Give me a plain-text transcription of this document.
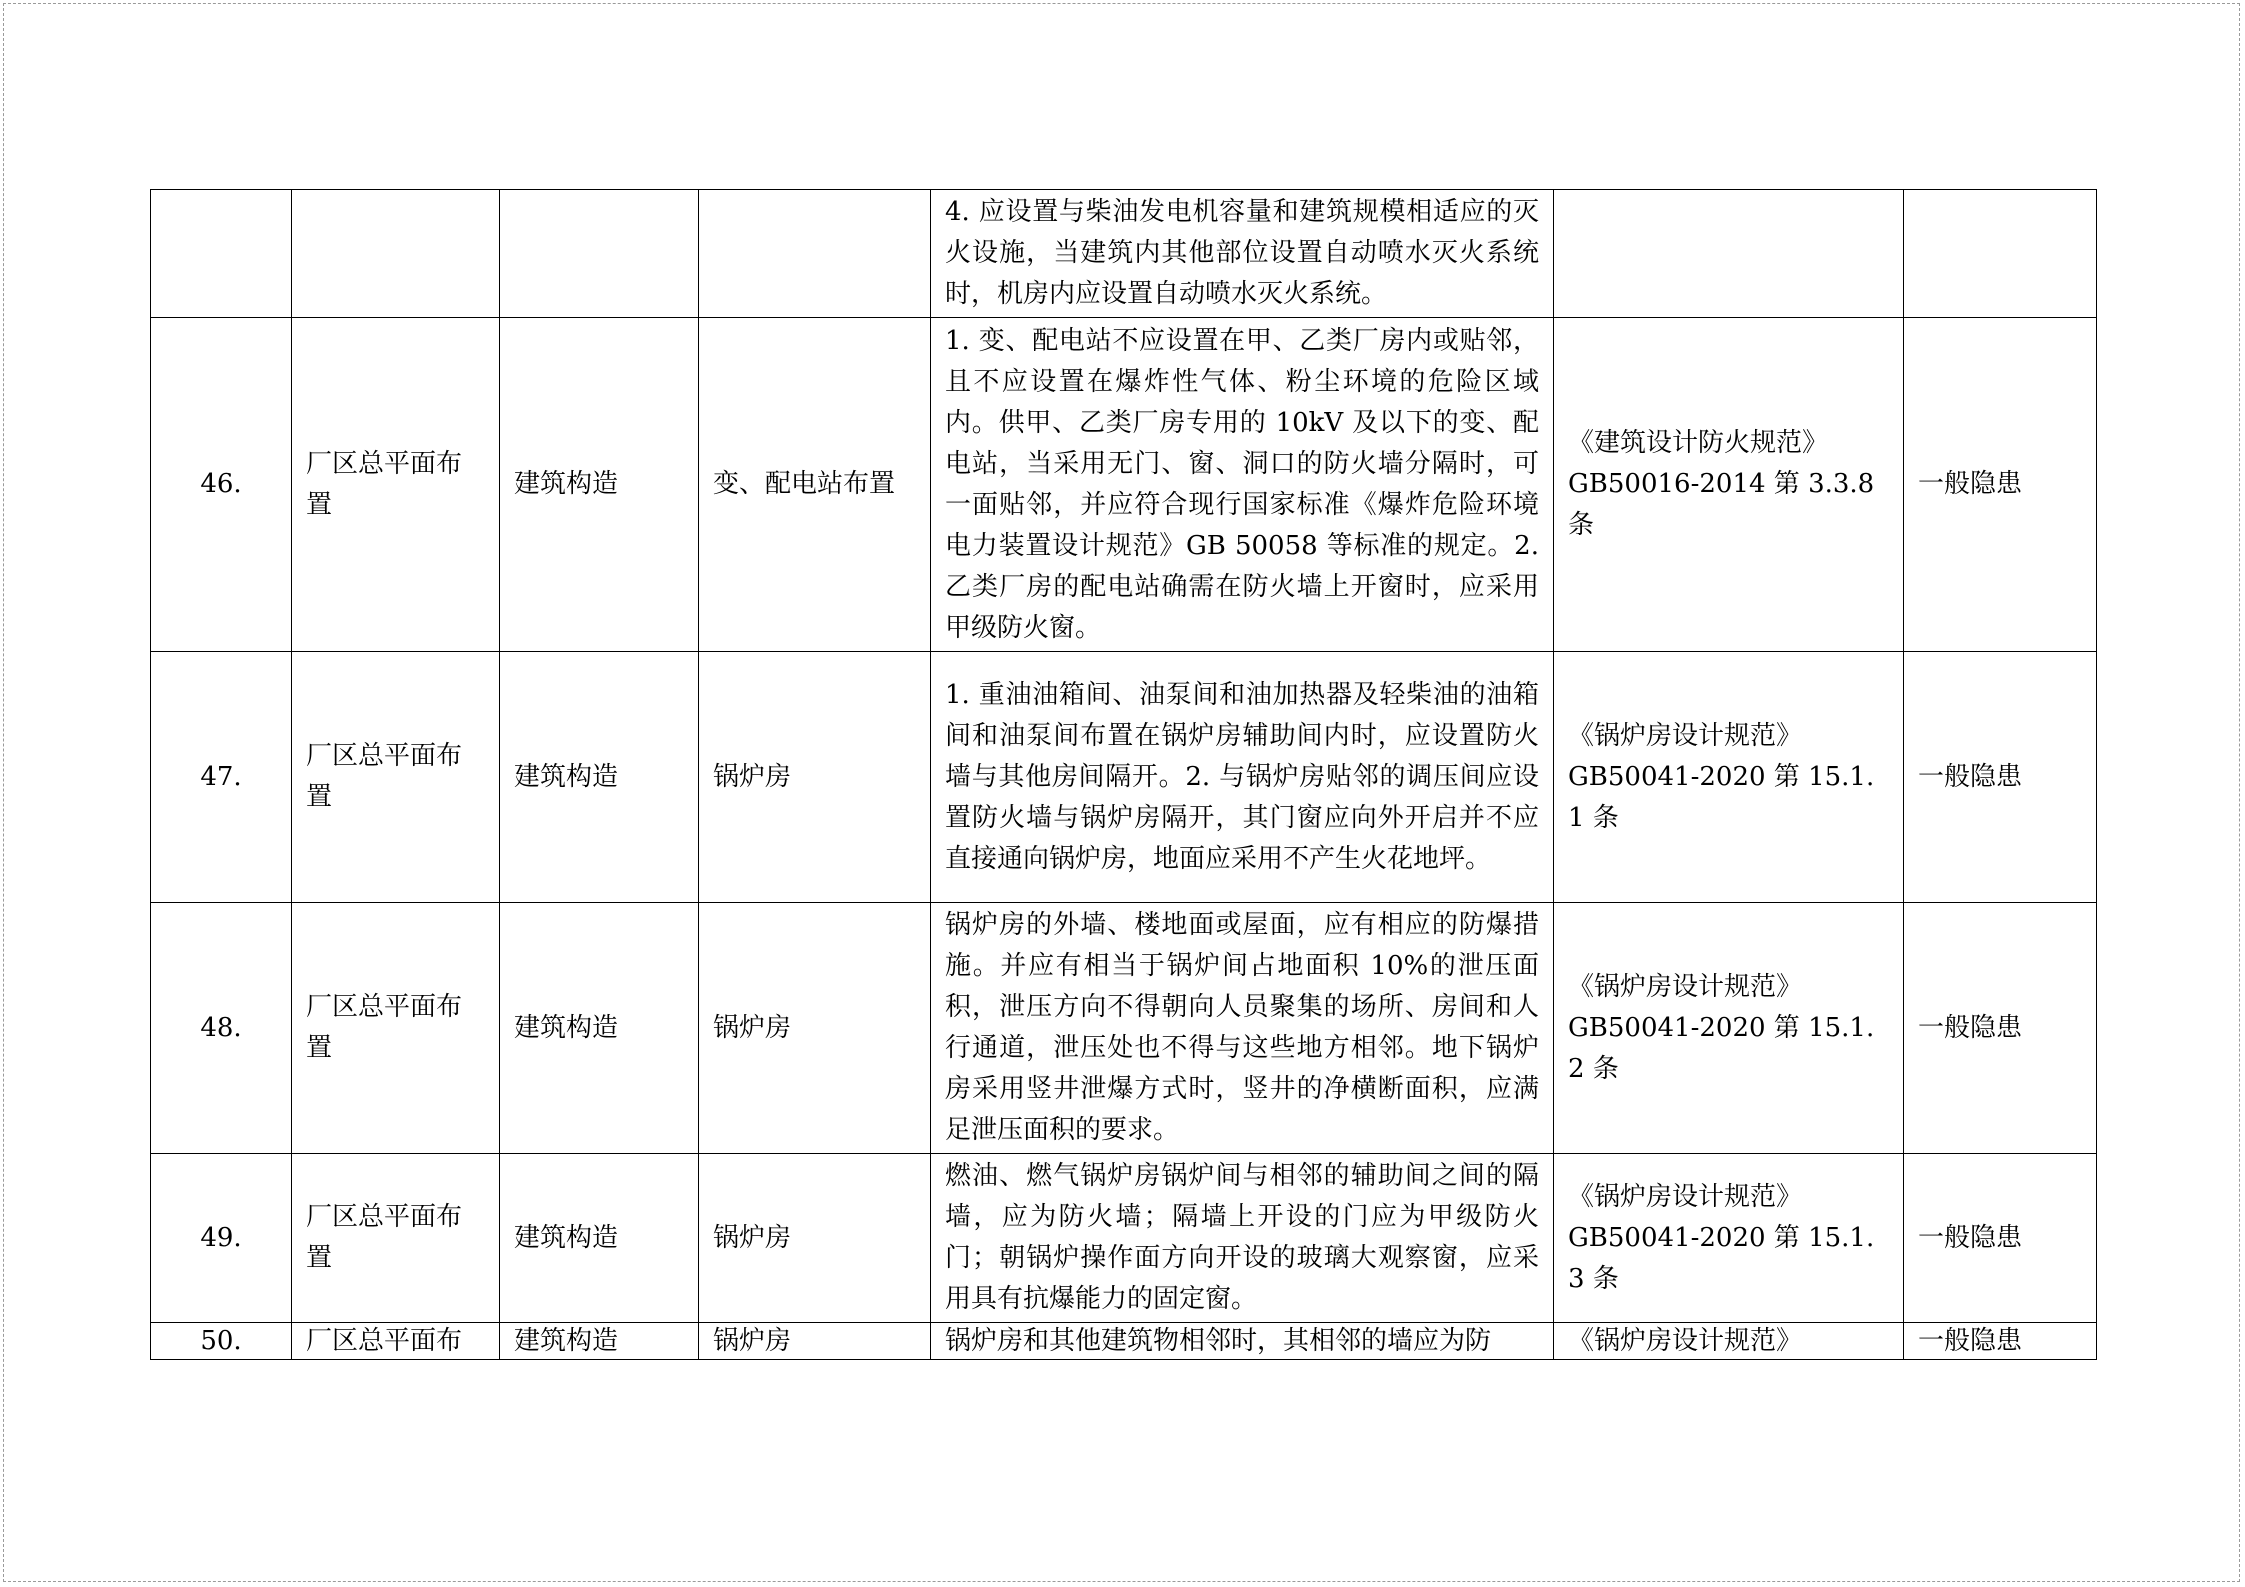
				4. 应设置与柴油发电机容量和建筑规模相适应的灭火设施，当建筑内其他部位设置自动喷水灭火系统时，机房内应设置自动喷水灭火系统。	

46.	厂区总平面布置	建筑构造	变、配电站布置	1. 变、配电站不应设置在甲、乙类厂房内或贴邻，且不应设置在爆炸性气体、粉尘环境的危险区域内。供甲、乙类厂房专用的 10kV 及以下的变、配电站，当采用无门、窗、洞口的防火墙分隔时，可一面贴邻，并应符合现行国家标准《爆炸危险环境电力装置设计规范》GB 50058 等标准的规定。2. 乙类厂房的配电站确需在防火墙上开窗时，应采用甲级防火窗。	《建筑设计防火规范》
GB50016-2014 第 3.3.8 条	一般隐患
47.	厂区总平面布置	建筑构造	锅炉房	1. 重油油箱间、油泵间和油加热器及轻柴油的油箱间和油泵间布置在锅炉房辅助间内时，应设置防火墙与其他房间隔开。2. 与锅炉房贴邻的调压间应设置防火墙与锅炉房隔开，其门窗应向外开启并不应直接通向锅炉房，地面应采用不产生火花地坪。	《锅炉房设计规范》
GB50041-2020 第 15.1.1 条	一般隐患
48.	厂区总平面布置	建筑构造	锅炉房	锅炉房的外墙、楼地面或屋面，应有相应的防爆措施。并应有相当于锅炉间占地面积 10%的泄压面积，泄压方向不得朝向人员聚集的场所、房间和人行通道，泄压处也不得与这些地方相邻。地下锅炉房采用竖井泄爆方式时，竖井的净横断面积，应满足泄压面积的要求。	《锅炉房设计规范》
GB50041-2020 第 15.1.2 条	一般隐患
49.	厂区总平面布置	建筑构造	锅炉房	燃油、燃气锅炉房锅炉间与相邻的辅助间之间的隔墙，应为防火墙；隔墙上开设的门应为甲级防火门；朝锅炉操作面方向开设的玻璃大观察窗，应采用具有抗爆能力的固定窗。	《锅炉房设计规范》
GB50041-2020 第 15.1.3 条	一般隐患

50.	厂区总平面布	建筑构造	锅炉房	锅炉房和其他建筑物相邻时，其相邻的墙应为防	《锅炉房设计规范》	一般隐患
